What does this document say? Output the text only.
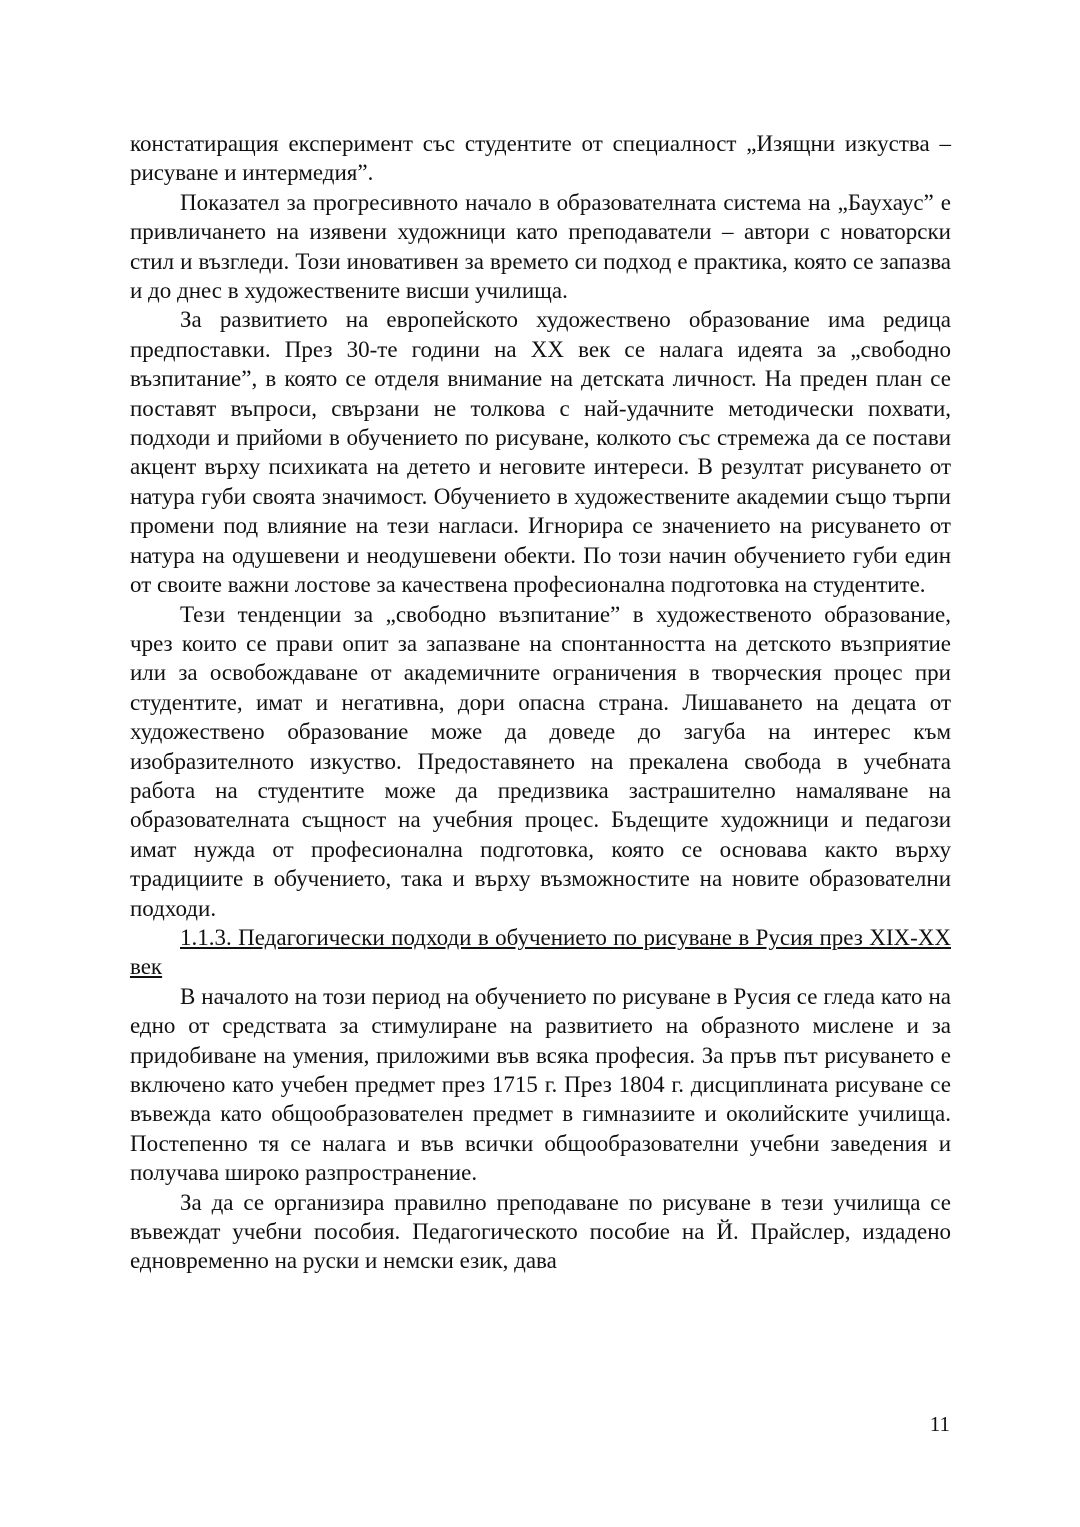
констатиращия експеримент със студентите от специалност „Изящни изкуства – рисуване и интермедия”.

Показател за прогресивното начало в образователната система на „Баухаус” е привличането на изявени художници като преподаватели – автори с новаторски стил и възгледи. Този иновативен за времето си подход е практика, която се запазва и до днес в художествените висши училища.

За развитието на европейското художествено образование има редица предпоставки. През 30-те години на ХХ век се налага идеята за „свободно възпитание”, в която се отделя внимание на детската личност. На преден план се поставят въпроси, свързани не толкова с най-удачните методически похвати, подходи и прийоми в обучението по рисуване, колкото със стремежа да се постави акцент върху психиката на детето и неговите интереси. В резултат рисуването от натура губи своята значимост. Обучението в художествените академии също търпи промени под влияние на тези нагласи. Игнорира се значението на рисуването от натура на одушевени и неодушевени обекти. По този начин обучението губи един от своите важни лостове за качествена професионална подготовка на студентите.

Тези тенденции за „свободно възпитание” в художественото образование, чрез които се прави опит за запазване на спонтанността на детското възприятие или за освобождаване от академичните ограничения в творческия процес при студентите, имат и негативна, дори опасна страна. Лишаването на децата от художествено образование може да доведе до загуба на интерес към изобразителното изкуство. Предоставянето на прекалена свобода в учебната работа на студентите може да предизвика застрашително намаляване на образователната същност на учебния процес. Бъдещите художници и педагози имат нужда от професионална подготовка, която се основава както върху традициите в обучението, така и върху възможностите на новите образователни подходи.

1.1.3. Педагогически подходи в обучението по рисуване в Русия през XIX-XX век

В началото на този период на обучението по рисуване в Русия се гледа като на едно от средствата за стимулиране на развитието на образното мислене и за придобиване на умения, приложими във всяка професия. За пръв път рисуването е включено като учебен предмет през 1715 г. През 1804 г. дисциплината рисуване се въвежда като общообразователен предмет в гимназиите и околийските училища. Постепенно тя се налага и във всички общообразователни учебни заведения и получава широко разпространение.

За да се организира правилно преподаване по рисуване в тези училища се въвеждат учебни пособия. Педагогическото пособие на Й. Прайслер, издадено едновременно на руски и немски език, дава

11
